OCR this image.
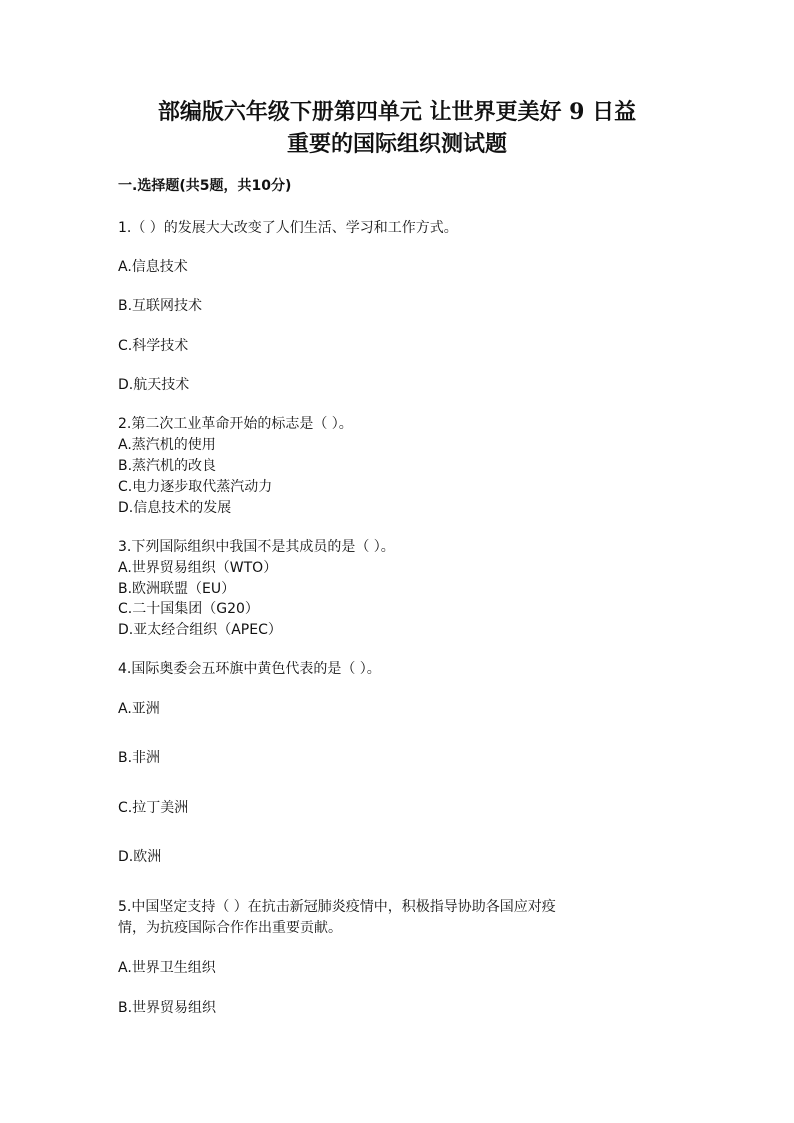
部编版六年级下册第四单元 让世界更美好 9 日益
重要的国际组织测试题
一.选择题(共5题，共10分)
1.（ ）的发展大大改变了人们生活、学习和工作方式。
A.信息技术
B.互联网技术
C.科学技术
D.航天技术
2.第二次工业革命开始的标志是（ ）。
A.蒸汽机的使用
B.蒸汽机的改良
C.电力逐步取代蒸汽动力
D.信息技术的发展
3.下列国际组织中我国不是其成员的是（ ）。
A.世界贸易组织（WTO）
B.欧洲联盟（EU）
C.二十国集团（G20）
D.亚太经合组织（APEC）
4.国际奥委会五环旗中黄色代表的是（ ）。
A.亚洲
B.非洲
C.拉丁美洲
D.欧洲
5.中国坚定支持（ ）在抗击新冠肺炎疫情中，积极指导协助各国应对疫
情，为抗疫国际合作作出重要贡献。
A.世界卫生组织
B.世界贸易组织
